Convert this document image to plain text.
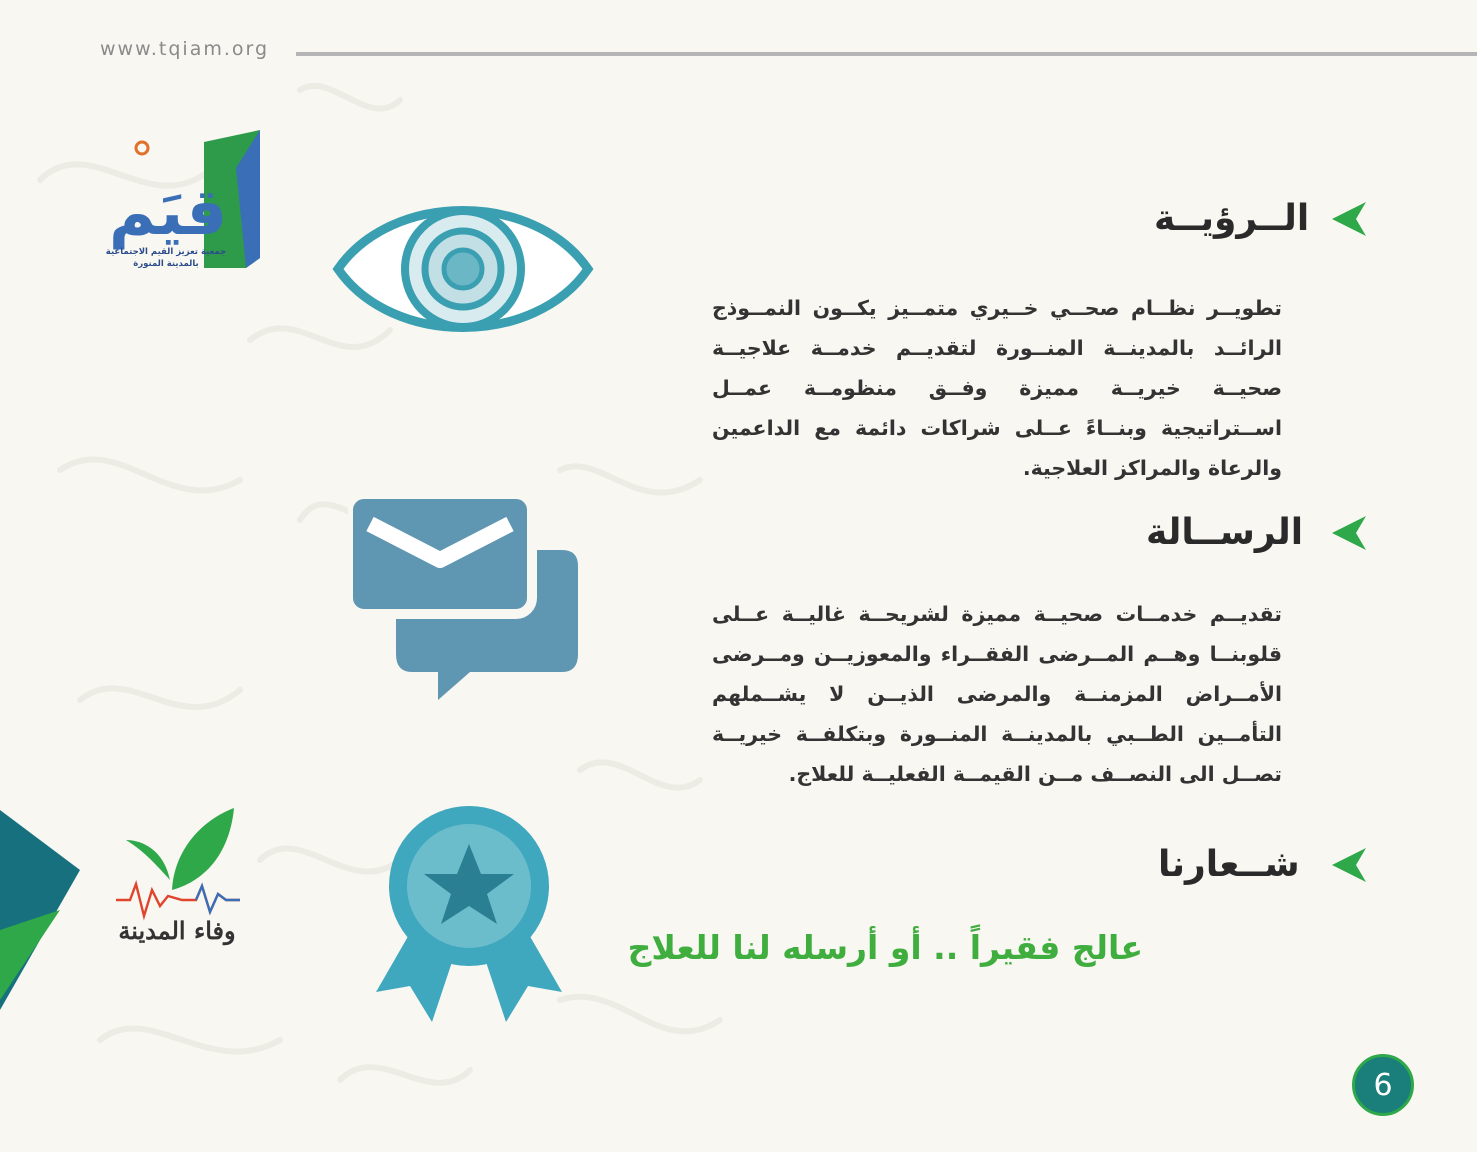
www.tqiam.org
قيَم
جمعية تعزيز القيم الاجتماعية
بالمدينة المنورة
وفاء المدينة
الــرؤيــة
تطويــر نظــام صحــي خــيري متمــيز يكــون النمــوذج الرائــد بالمدينــة المنــورة لتقديــم خدمــة علاجيــة صحيــة خيريــة مميزة وفــق منظومــة عمــل اســتراتيجية وبنــاءً عــلى شراكات دائمة مع الداعمين والرعاة والمراكز العلاجية.
الرســالة
تقديــم خدمــات صحيــة مميزة لشريحــة غاليــة عــلى قلوبنــا وهــم المــرضى الفقــراء والمعوزيــن ومــرضى الأمــراض المزمنــة والمرضى الذيــن لا يشــملهم التأمــين الطــبي بالمدينــة المنــورة وبتكلفــة خيريــة تصــل الى النصــف مــن القيمــة الفعليــة للعلاج.
شــعارنا
عالج فقيراً .. أو أرسله لنا للعلاج
6
